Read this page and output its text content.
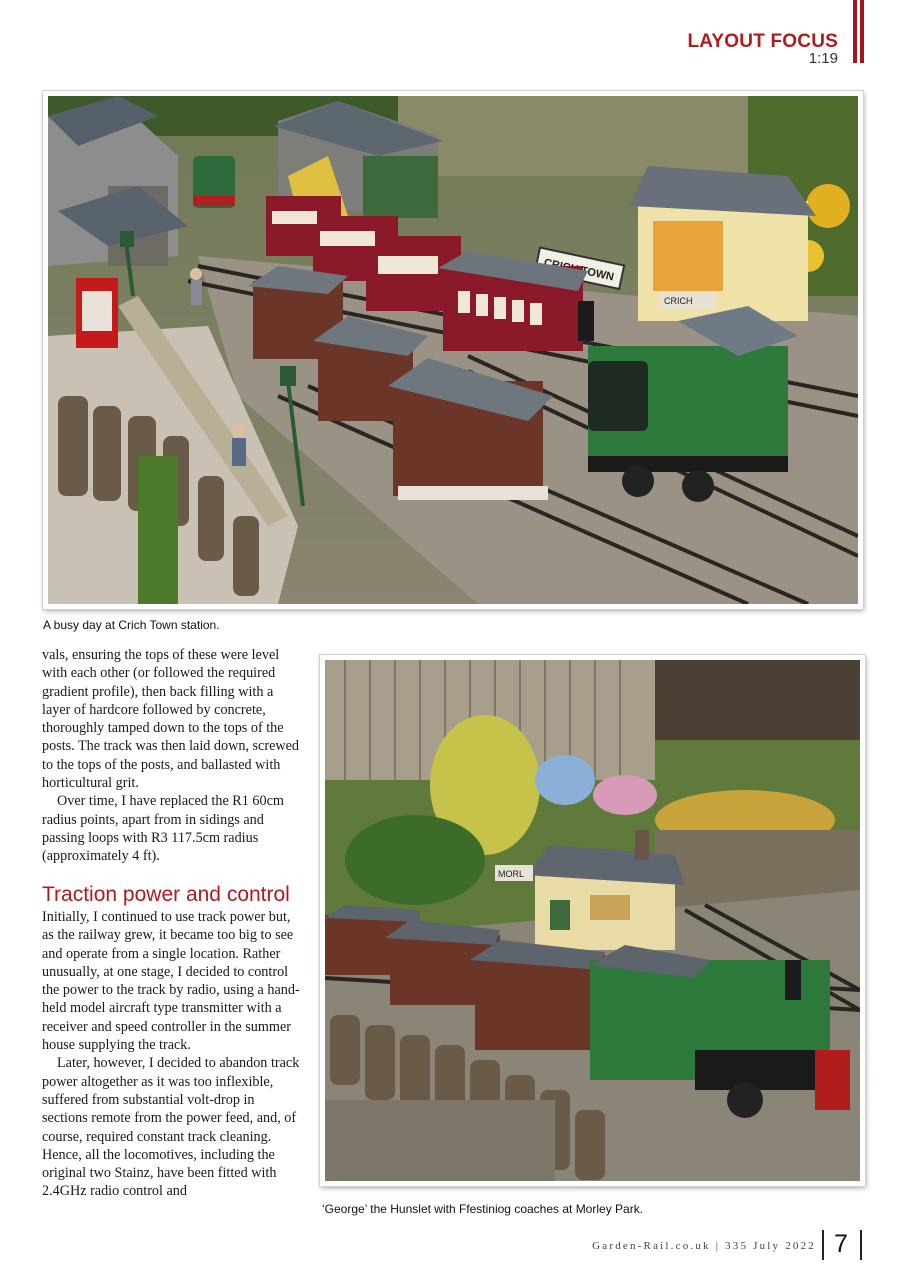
LAYOUT FOCUS
1:19
CRICH
TOWN
A busy day at Crich Town station.

vals, ensuring the tops of these were level with each other (or followed the required gradient profile), then back filling with a layer of hardcore followed by concrete, thoroughly tamped down to the tops of the posts. The track was then laid down, screwed to the tops of the posts, and ballasted with horticultural grit.

Over time, I have replaced the R1 60cm radius points, apart from in sidings and passing loops with R3 117.5cm radius (approximately 4 ft).

Traction power and control

Initially, I continued to use track power but, as the railway grew, it became too big to see and operate from a single location. Rather unusually, at one stage, I decided to control the power to the track by radio, using a hand-held model aircraft type transmitter with a receiver and speed controller in the summer house supplying the track.

Later, however, I decided to abandon track power altogether as it was too inflexible, suffered from substantial volt-drop in sections remote from the power feed, and, of course, required constant track cleaning. Hence, all the locomotives, including the original two Stainz, have been fitted with 2.4GHz radio control and

MORL
‘George’ the Hunslet with Ffestiniog coaches at Morley Park.
Garden-Rail.co.uk | 335 July 2022 7
